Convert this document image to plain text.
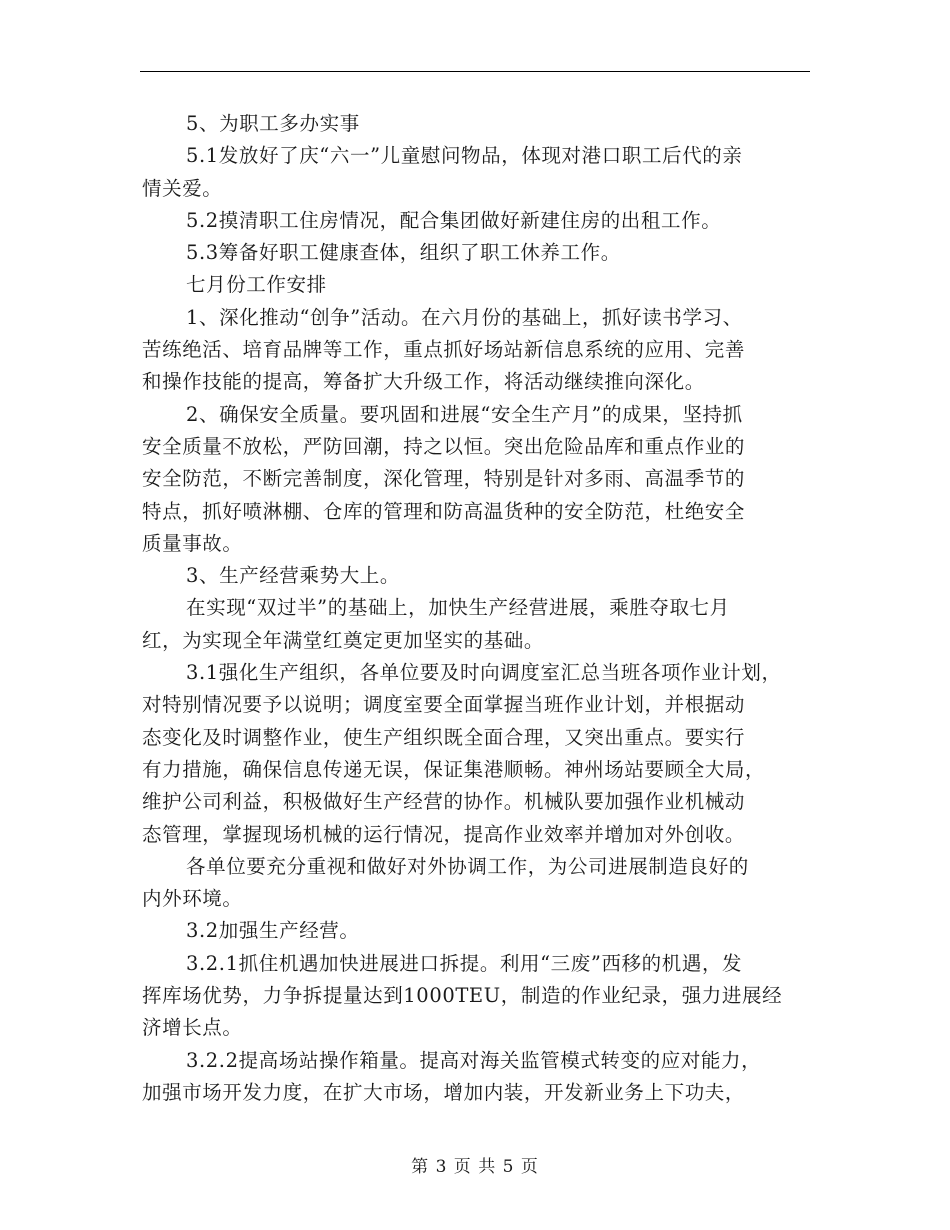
5、为职工多办实事
5.1发放好了庆“六一”儿童慰问物品，体现对港口职工后代的亲
情关爱。
5.2摸清职工住房情况，配合集团做好新建住房的出租工作。
5.3筹备好职工健康查体，组织了职工休养工作。
七月份工作安排
1、深化推动“创争”活动。在六月份的基础上，抓好读书学习、
苦练绝活、培育品牌等工作，重点抓好场站新信息系统的应用、完善
和操作技能的提高，筹备扩大升级工作，将活动继续推向深化。
2、确保安全质量。要巩固和进展“安全生产月”的成果，坚持抓
安全质量不放松，严防回潮，持之以恒。突出危险品库和重点作业的
安全防范，不断完善制度，深化管理，特别是针对多雨、高温季节的
特点，抓好喷淋棚、仓库的管理和防高温货种的安全防范，杜绝安全
质量事故。
3、生产经营乘势大上。
在实现“双过半”的基础上，加快生产经营进展，乘胜夺取七月
红，为实现全年满堂红奠定更加坚实的基础。
3.1强化生产组织，各单位要及时向调度室汇总当班各项作业计划，
对特别情况要予以说明；调度室要全面掌握当班作业计划，并根据动
态变化及时调整作业，使生产组织既全面合理，又突出重点。要实行
有力措施，确保信息传递无误，保证集港顺畅。神州场站要顾全大局，
维护公司利益，积极做好生产经营的协作。机械队要加强作业机械动
态管理，掌握现场机械的运行情况，提高作业效率并增加对外创收。
各单位要充分重视和做好对外协调工作，为公司进展制造良好的
内外环境。
3.2加强生产经营。
3.2.1抓住机遇加快进展进口拆提。利用“三废”西移的机遇，发
挥库场优势，力争拆提量达到1000TEU，制造的作业纪录，强力进展经
济增长点。
3.2.2提高场站操作箱量。提高对海关监管模式转变的应对能力，
加强市场开发力度，在扩大市场，增加内装，开发新业务上下功夫，
第 3 页 共 5 页
